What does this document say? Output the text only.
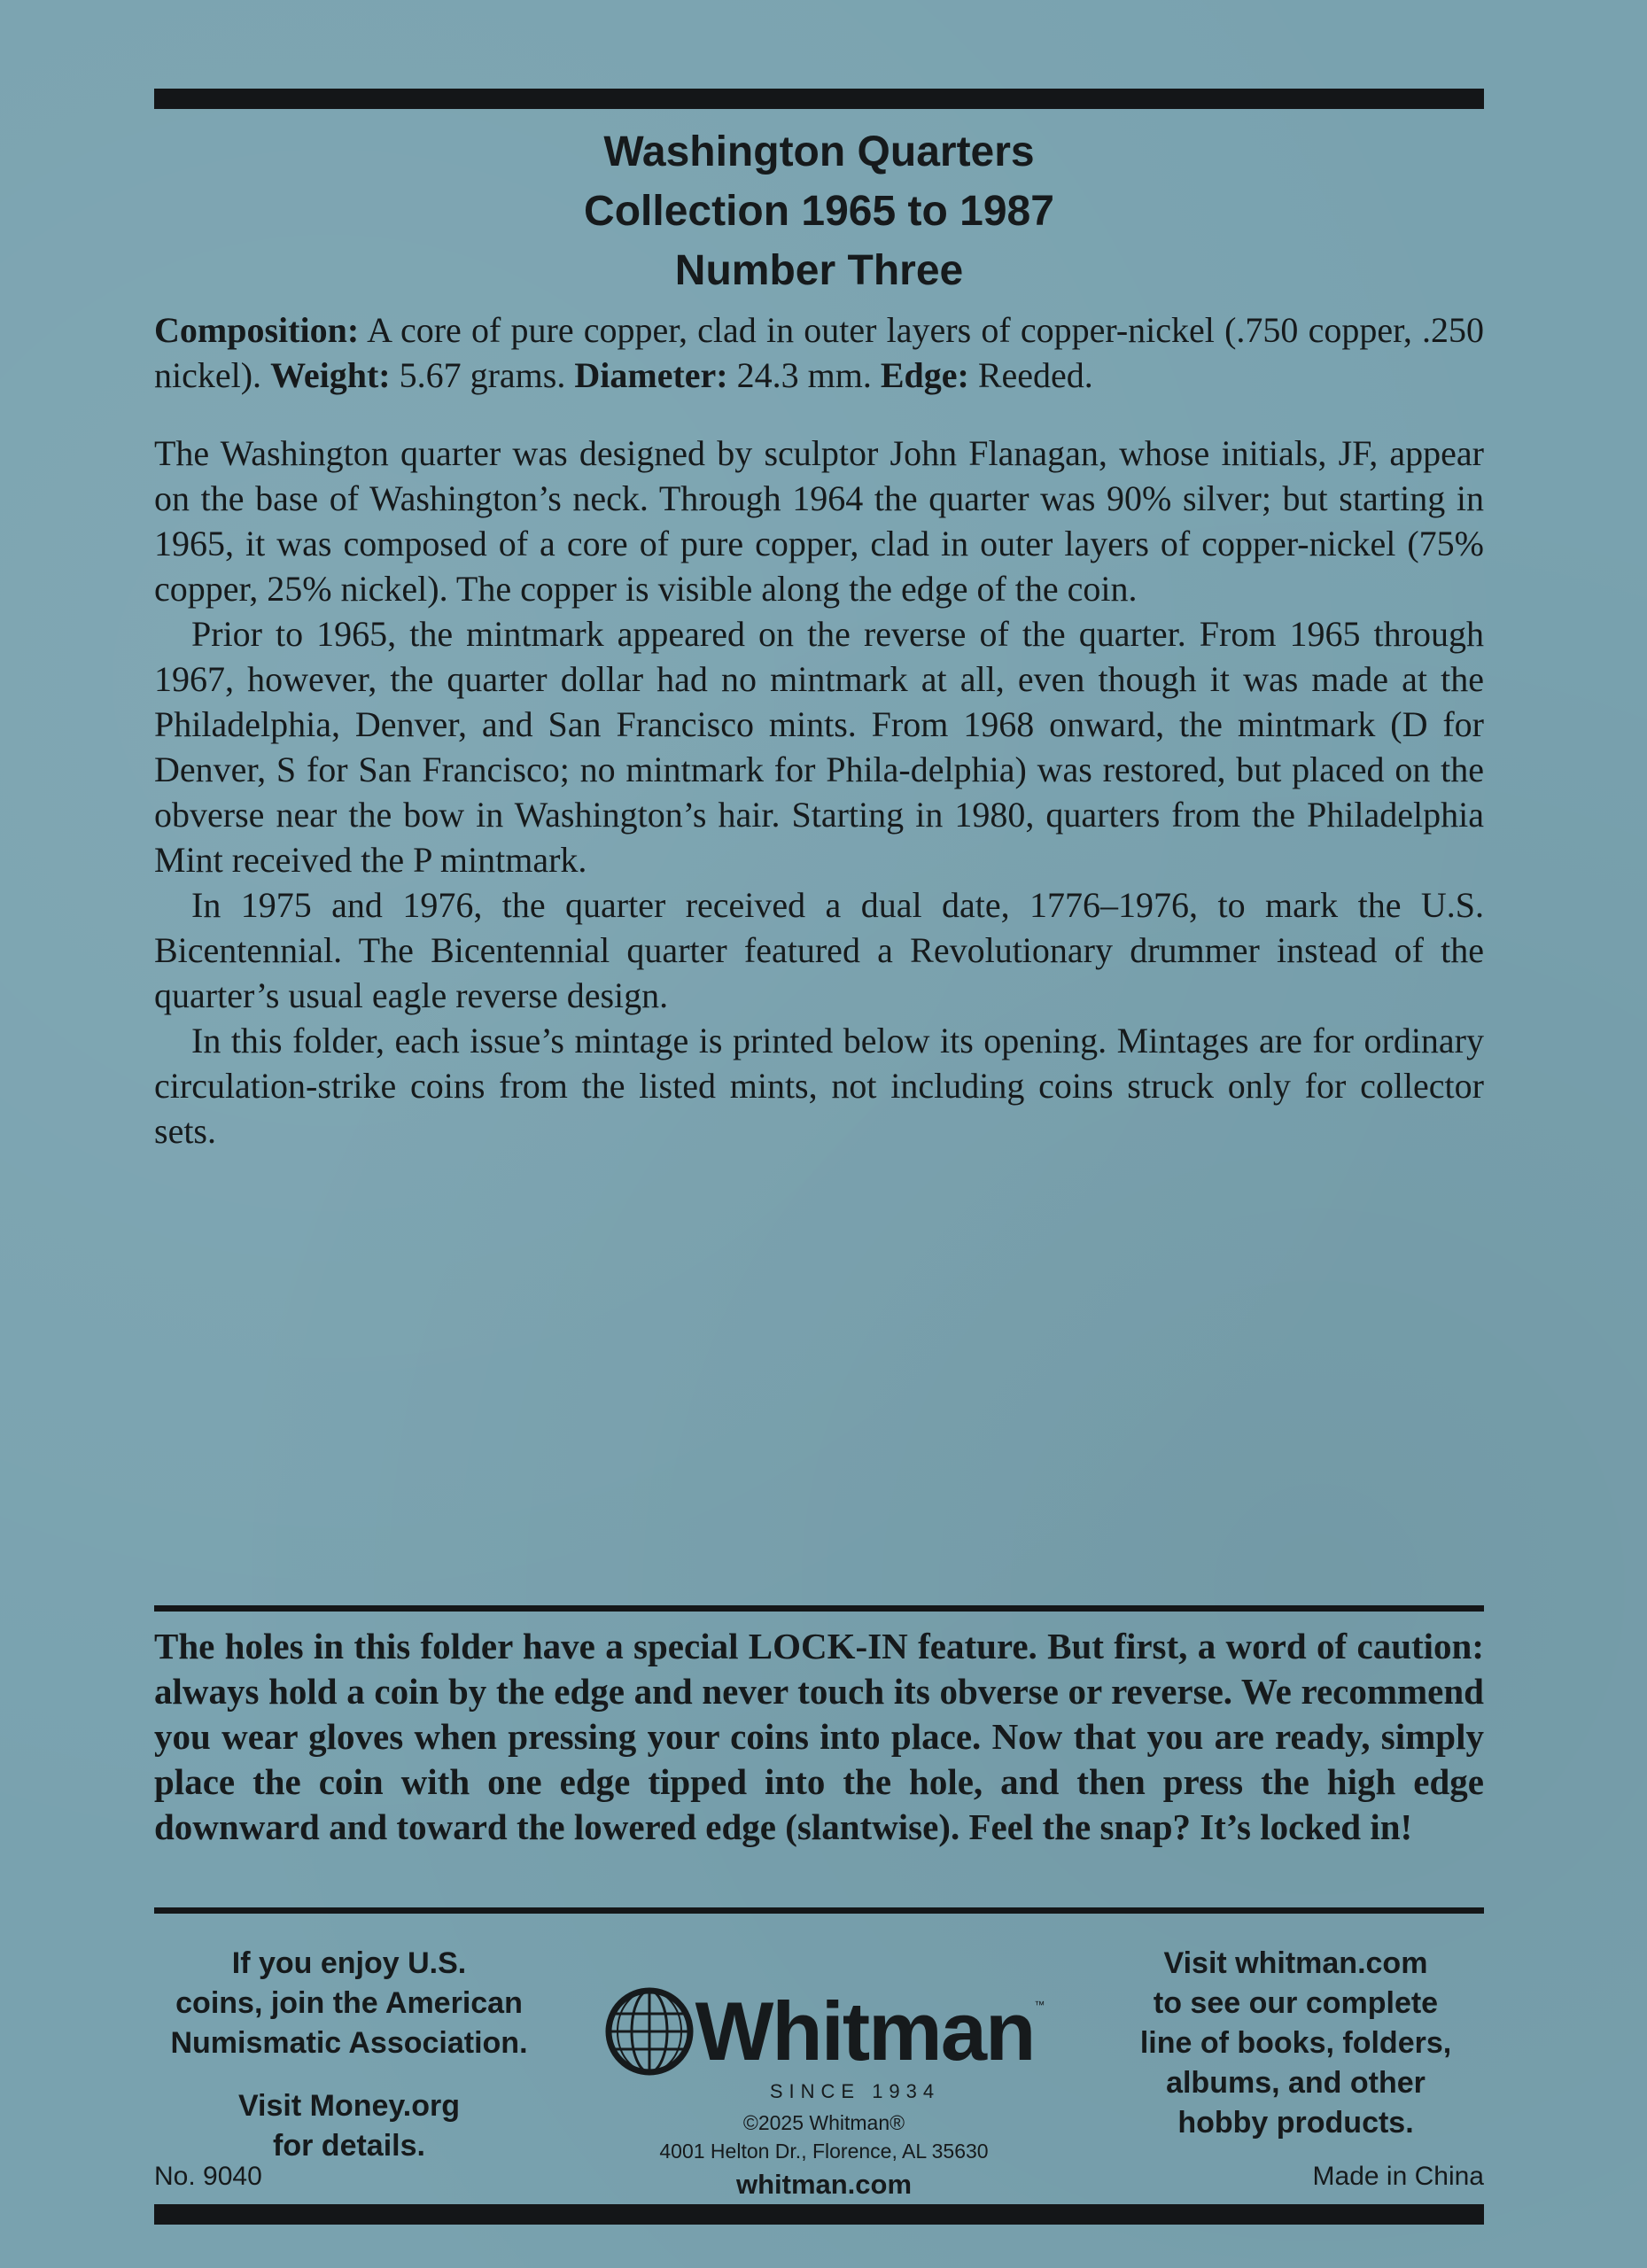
Washington Quarters
Collection 1965 to 1987
Number Three
Composition: A core of pure copper, clad in outer layers of copper-nickel (.750 copper, .250 nickel). Weight: 5.67 grams. Diameter: 24.3 mm. Edge: Reeded.

The Washington quarter was designed by sculptor John Flanagan, whose initials, JF, appear on the base of Washington’s neck. Through 1964 the quarter was 90% silver; but starting in 1965, it was composed of a core of pure copper, clad in outer layers of copper-nickel (75% copper, 25% nickel). The copper is visible along the edge of the coin.

Prior to 1965, the mintmark appeared on the reverse of the quarter. From 1965 through 1967, however, the quarter dollar had no mintmark at all, even though it was made at the Philadelphia, Denver, and San Francisco mints. From 1968 onward, the mintmark (D for Denver, S for San Francisco; no mintmark for Phila-delphia) was restored, but placed on the obverse near the bow in Washington’s hair. Starting in 1980, quarters from the Philadelphia Mint received the P mintmark.

In 1975 and 1976, the quarter received a dual date, 1776–1976, to mark the U.S. Bicentennial. The Bicentennial quarter featured a Revolutionary drummer instead of the quarter’s usual eagle reverse design.

In this folder, each issue’s mintage is printed below its opening. Mintages are for ordinary circulation-strike coins from the listed mints, not including coins struck only for collector sets.

The holes in this folder have a special LOCK-IN feature. But first, a word of caution: always hold a coin by the edge and never touch its obverse or reverse. We recommend you wear gloves when pressing your coins into place. Now that you are ready, simply place the coin with one edge tipped into the hole, and then press the high edge downward and toward the lowered edge (slantwise). Feel the snap? It’s locked in!
If you enjoy U.S.
coins, join the American
Numismatic Association.
Visit Money.org
for details.
Whitman ™
SINCE 1934
©2025 Whitman®
4001 Helton Dr., Florence, AL 35630
whitman.com
Visit whitman.com
to see our complete
line of books, folders,
albums, and other
hobby products.
No. 9040	Made in China
